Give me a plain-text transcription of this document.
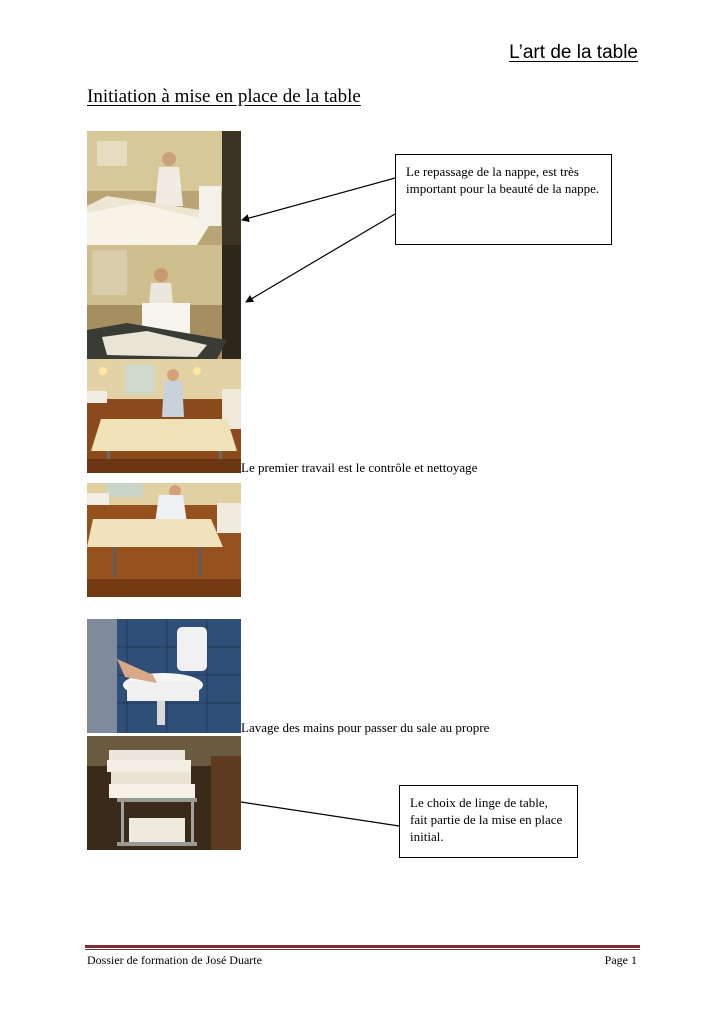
L’art de la table
Initiation à mise en place de la table
Le premier travail est le contrôle et nettoyage
Lavage des mains pour passer du sale au propre
Le repassage de la nappe, est très important pour la beauté de la nappe.
Le choix de linge de table, fait partie de la mise en place initial.
Dossier de formation de José Duarte	Page 1
